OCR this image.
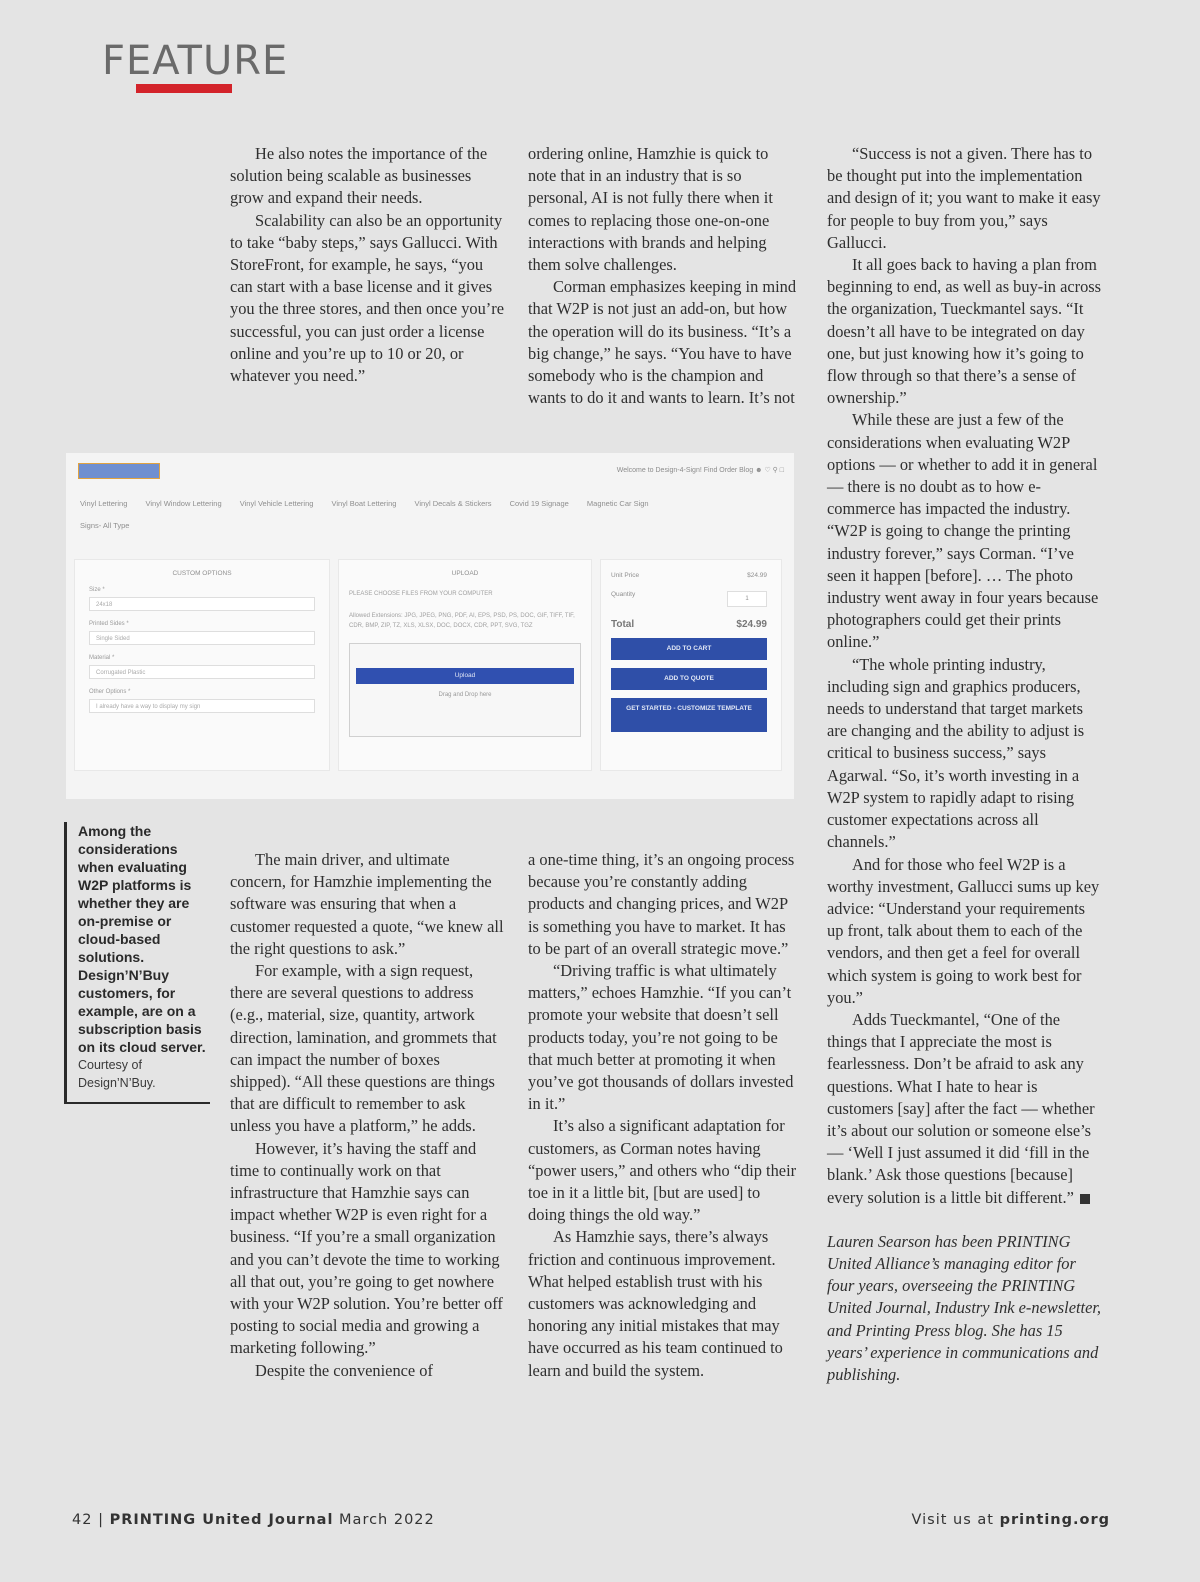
FEATURE

He also notes the importance of the solution being scalable as businesses grow and expand their needs.

Scalability can also be an opportunity to take “baby steps,” says Gallucci. With StoreFront, for example, he says, “you can start with a base license and it gives you the three stores, and then once you’re successful, you can just order a license online and you’re up to 10 or 20, or whatever you need.”

ordering online, Hamzhie is quick to note that in an industry that is so personal, AI is not fully there when it comes to replacing those one-on-one interactions with brands and helping them solve challenges.

Corman emphasizes keeping in mind that W2P is not just an add-on, but how the operation will do its business. “It’s a big change,” he says. “You have to have somebody who is the champion and wants to do it and wants to learn. It’s not

“Success is not a given. There has to be thought put into the implementation and design of it; you want to make it easy for people to buy from you,” says Gallucci.

It all goes back to having a plan from beginning to end, as well as buy-in across the organization, Tueckmantel says. “It doesn’t all have to be integrated on day one, but just knowing how it’s going to flow through so that there’s a sense of ownership.”

While these are just a few of the considerations when evaluating W2P options — or whether to add it in general — there is no doubt as to how e-commerce has impacted the industry. “W2P is going to change the printing industry forever,” says Corman. “I’ve seen it happen [before]. … The photo industry went away in four years because photographers could get their prints online.”

“The whole printing industry, including sign and graphics producers, needs to understand that target markets are changing and the ability to adjust is critical to business success,” says Agarwal. “So, it’s worth investing in a W2P system to rapidly adapt to rising customer expectations across all channels.”

And for those who feel W2P is a worthy investment, Gallucci sums up key advice: “Understand your requirements up front, talk about them to each of the vendors, and then get a feel for overall which system is going to work best for you.”

Adds Tueckmantel, “One of the things that I appreciate the most is fearlessness. Don’t be afraid to ask any questions. What I hate to hear is customers [say] after the fact — whether it’s about our solution or someone else’s — ‘Well I just assumed it did ‘fill in the blank.’ Ask those questions [because] every solution is a little bit different.”

Lauren Searson has been PRINTING United Alliance’s managing editor for four years, overseeing the PRINTING United Journal, Industry Ink e-newsletter, and Printing Press blog. She has 15 years’ experience in communications and publishing.

Welcome to Design-4-Sign! Find Order Blog ☻ ♡ ⚲ □
Vinyl Lettering Vinyl Window Lettering Vinyl Vehicle Lettering Vinyl Boat Lettering Vinyl Decals & Stickers Covid 19 Signage Magnetic Car Sign
Signs- All Type
CUSTOM OPTIONS
Size *
24x18
Printed Sides *
Single Sided
Material *
Corrugated Plastic
Other Options *
I already have a way to display my sign
UPLOAD
PLEASE CHOOSE FILES FROM YOUR COMPUTER
Allowed Extensions: JPG, JPEG, PNG, PDF, AI, EPS, PSD, PS, DOC, GIF, TIFF, TIF, CDR, BMP, ZIP, TZ, XLS, XLSX, DOC, DOCX, CDR, PPT, SVG, TGZ
Upload
Drag and Drop here
Unit Price	$24.99
Quantity
1
Total	$24.99
ADD TO CART
ADD TO QUOTE
GET STARTED - CUSTOMIZE TEMPLATE

Among the considerations when evaluating W2P platforms is whether they are on-premise or cloud-based solutions. Design’N’Buy customers, for example, are on a subscription basis on its cloud server.

Courtesy of Design’N’Buy.

The main driver, and ultimate concern, for Hamzhie implementing the software was ensuring that when a customer requested a quote, “we knew all the right questions to ask.”

For example, with a sign request, there are several questions to address (e.g., material, size, quantity, artwork direction, lamination, and grommets that can impact the number of boxes shipped). “All these questions are things that are difficult to remember to ask unless you have a platform,” he adds.

However, it’s having the staff and time to continually work on that infrastructure that Hamzhie says can impact whether W2P is even right for a business. “If you’re a small organization and you can’t devote the time to working all that out, you’re going to get nowhere with your W2P solution. You’re better off posting to social media and growing a marketing following.”

Despite the convenience of

a one-time thing, it’s an ongoing process because you’re constantly adding products and changing prices, and W2P is something you have to market. It has to be part of an overall strategic move.”

“Driving traffic is what ultimately matters,” echoes Hamzhie. “If you can’t promote your website that doesn’t sell products today, you’re not going to be that much better at promoting it when you’ve got thousands of dollars invested in it.”

It’s also a significant adaptation for customers, as Corman notes having “power users,” and others who “dip their toe in it a little bit, [but are used] to doing things the old way.”

As Hamzhie says, there’s always friction and continuous improvement. What helped establish trust with his customers was acknowledging and honoring any initial mistakes that may have occurred as his team continued to learn and build the system.

42 | PRINTING United Journal March 2022	Visit us at printing.org
